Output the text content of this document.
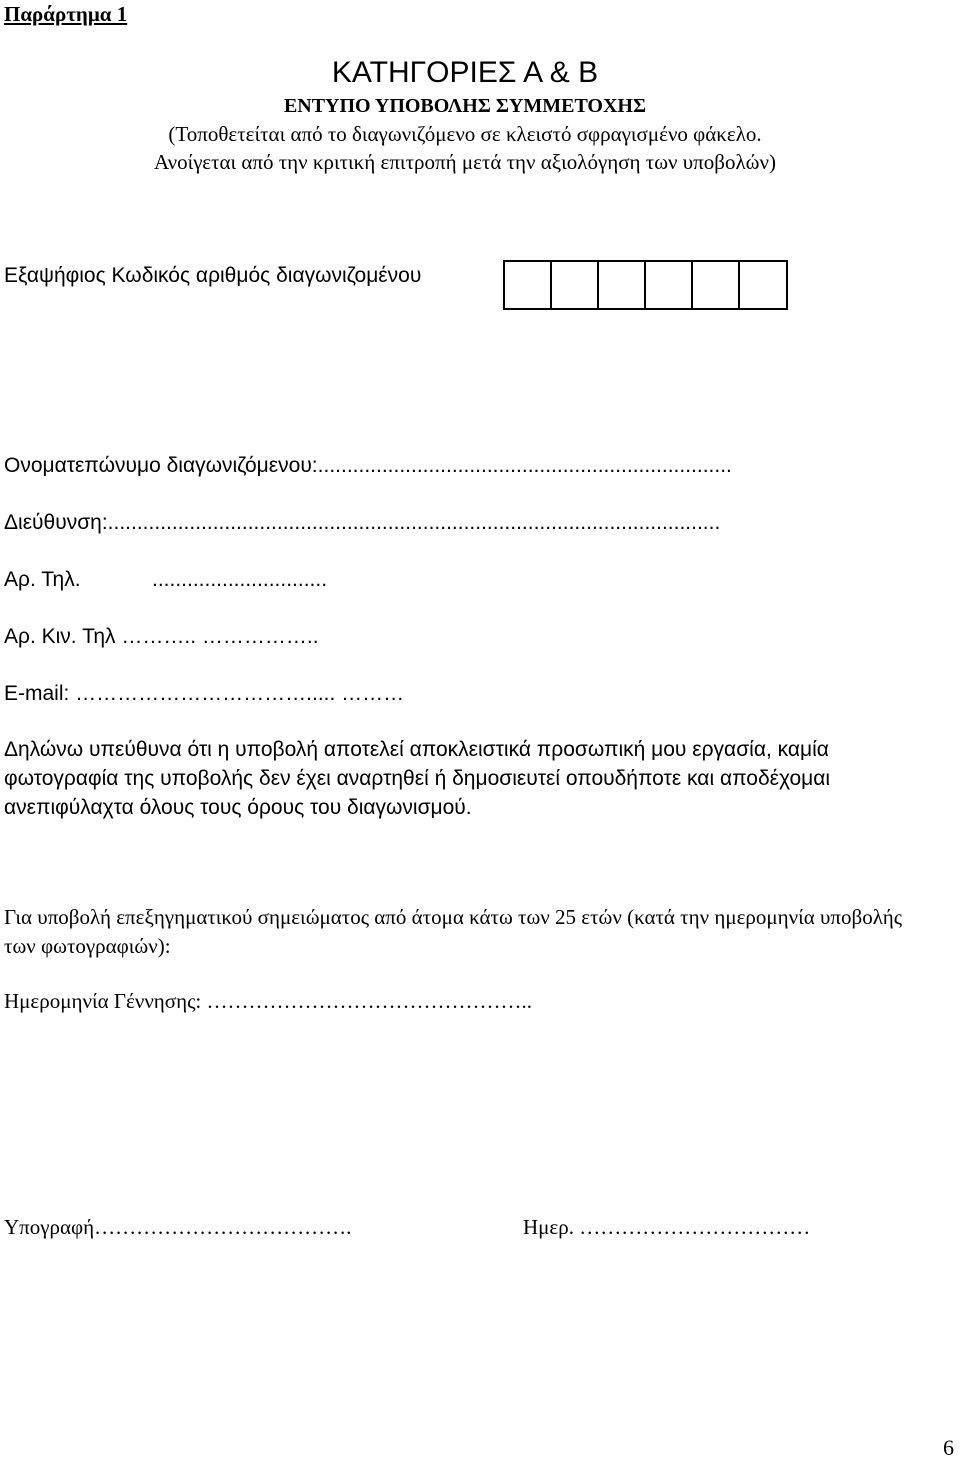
Παράρτημα 1
ΚΑΤΗΓΟΡΙΕΣ Α & Β
ΕΝΤΥΠΟ ΥΠΟΒΟΛΗΣ ΣΥΜΜΕΤΟΧΗΣ
(Τοποθετείται από το διαγωνιζόμενο σε κλειστό σφραγισμένο φάκελο.
Ανοίγεται από την κριτική επιτροπή μετά την αξιολόγηση των υποβολών)
Εξαψήφιος Κωδικός αριθμός διαγωνιζομένου
Ονοματεπώνυμο διαγωνιζόμενου:.......................................................................
Διεύθυνση:.........................................................................................................
Αρ. Τηλ.	..............................
Αρ. Κιν. Τηλ ……….. ……………..
E-mail: ……………………………..... ………
Δηλώνω υπεύθυνα ότι η υποβολή αποτελεί αποκλειστικά προσωπική μου εργασία, καμία φωτογραφία της υποβολής δεν έχει αναρτηθεί ή δημοσιευτεί οπουδήποτε και αποδέχομαι ανεπιφύλαχτα όλους τους όρους του διαγωνισμού.
Για υποβολή επεξηγηματικού σημειώματος από άτομα κάτω των 25 ετών (κατά την ημερομηνία υποβολής των φωτογραφιών):
Ημερομηνία Γέννησης: ………………………………………..
Υπογραφή……………………………….	Ημερ. ……………………………
6
